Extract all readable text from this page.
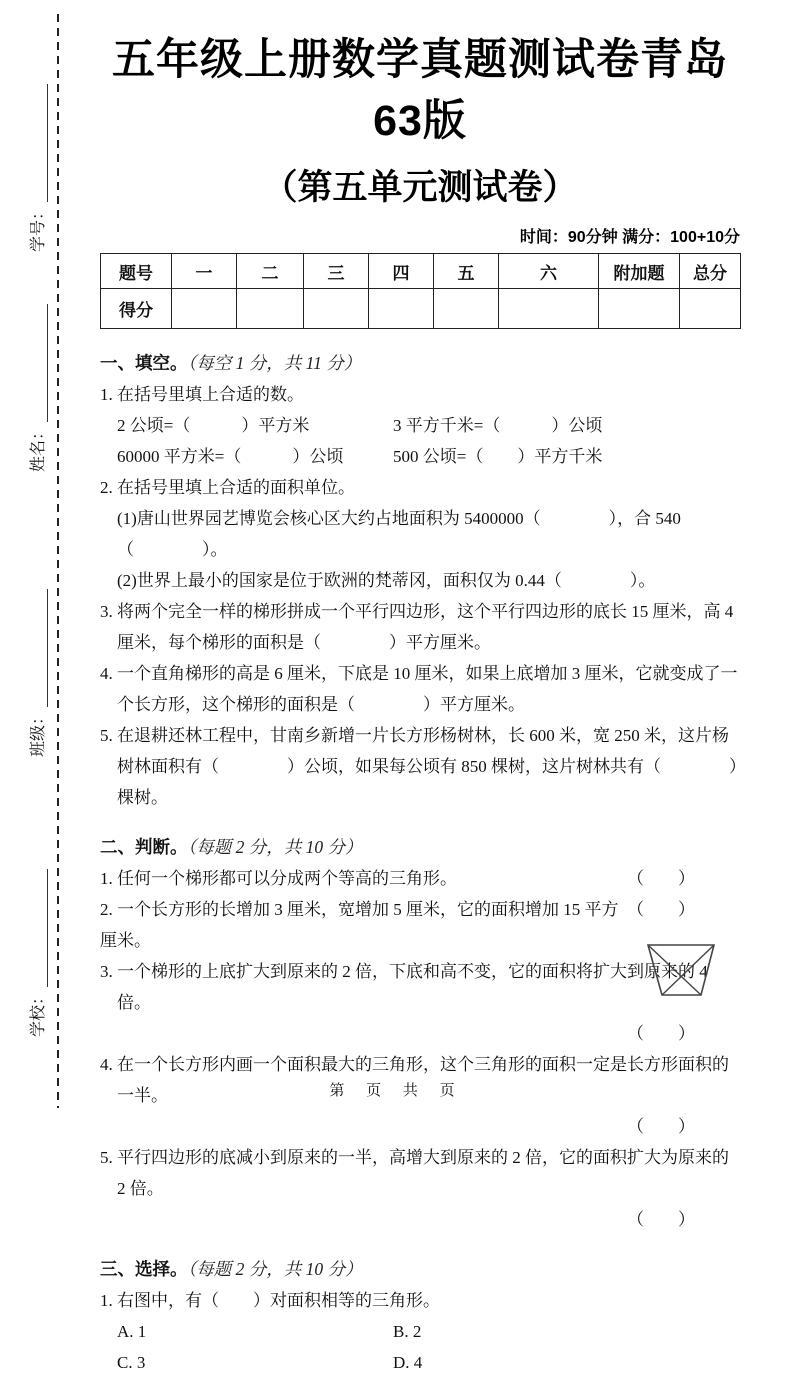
学号：
姓名：
班级：
学校：
五年级上册数学真题测试卷青岛63版
（第五单元测试卷）
时间：90分钟 满分：100+10分
题号	一	二	三	四	五	六	附加题	总分
得分								
一、填空。（每空 1 分，共 11 分）
1. 在括号里填上合适的数。
2 公顷=（　　　）平方米	3 平方千米=（　　　）公顷
60000 平方米=（　　　）公顷	500 公顷=（　　）平方千米
2. 在括号里填上合适的面积单位。
(1)唐山世界园艺博览会核心区大约占地面积为 5400000（　　　　），合 540（　　　　）。
(2)世界上最小的国家是位于欧洲的梵蒂冈，面积仅为 0.44（　　　　）。
3. 将两个完全一样的梯形拼成一个平行四边形，这个平行四边形的底长 15 厘米，高 4 厘米，每个梯形的面积是（　　　　）平方厘米。
4. 一个直角梯形的高是 6 厘米，下底是 10 厘米，如果上底增加 3 厘米，它就变成了一个长方形，这个梯形的面积是（　　　　）平方厘米。
5. 在退耕还林工程中，甘南乡新增一片长方形杨树林，长 600 米，宽 250 米，这片杨树林面积有（　　　　）公顷，如果每公顷有 850 棵树，这片树林共有（　　　　）棵树。
二、判断。（每题 2 分，共 10 分）
1. 任何一个梯形都可以分成两个等高的三角形。	（　　）
2. 一个长方形的长增加 3 厘米，宽增加 5 厘米，它的面积增加 15 平方厘米。
（　　）
3. 一个梯形的上底扩大到原来的 2 倍，下底和高不变，它的面积将扩大到原来的 4 倍。
（　　）
4. 在一个长方形内画一个面积最大的三角形，这个三角形的面积一定是长方形面积的一半。
（　　）
5. 平行四边形的底减小到原来的一半，高增大到原来的 2 倍，它的面积扩大为原来的 2 倍。
（　　）
三、选择。（每题 2 分，共 10 分）
1. 右图中，有（　　）对面积相等的三角形。
A. 1	B. 2
C. 3	D. 4
第 页 共 页
